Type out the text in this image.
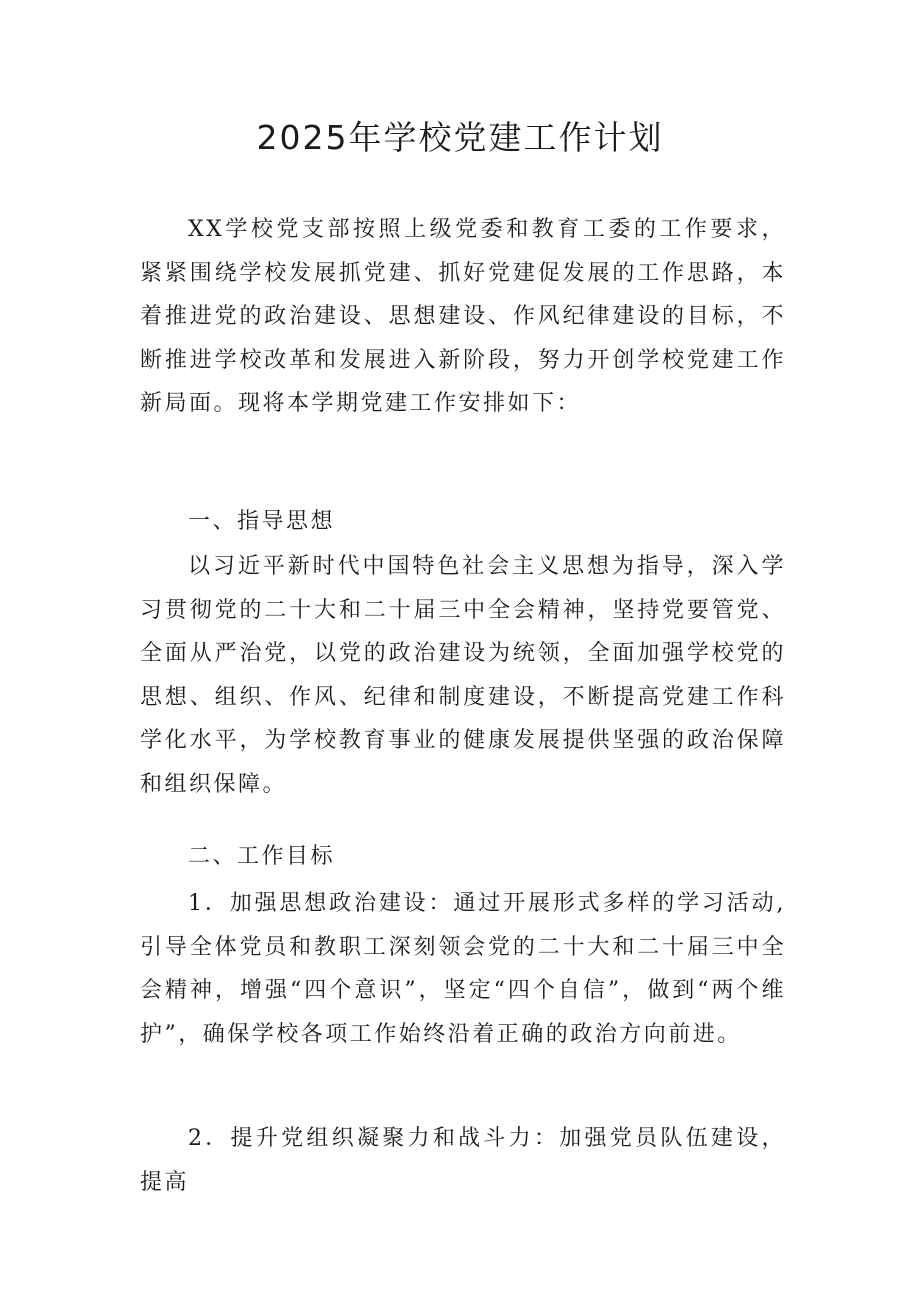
2025年学校党建工作计划

XX学校党支部按照上级党委和教育工委的工作要求，紧紧围绕学校发展抓党建、抓好党建促发展的工作思路，本着推进党的政治建设、思想建设、作风纪律建设的目标，不断推进学校改革和发展进入新阶段，努力开创学校党建工作新局面。现将本学期党建工作安排如下：

一、指导思想

以习近平新时代中国特色社会主义思想为指导，深入学习贯彻党的二十大和二十届三中全会精神，坚持党要管党、全面从严治党，以党的政治建设为统领，全面加强学校党的思想、组织、作风、纪律和制度建设，不断提高党建工作科学化水平，为学校教育事业的健康发展提供坚强的政治保障和组织保障。

二、工作目标

1．加强思想政治建设：通过开展形式多样的学习活动,引导全体党员和教职工深刻领会党的二十大和二十届三中全会精神，增强“四个意识”，坚定“四个自信”，做到“两个维护”，确保学校各项工作始终沿着正确的政治方向前进。

2．提升党组织凝聚力和战斗力：加强党员队伍建设，提高
